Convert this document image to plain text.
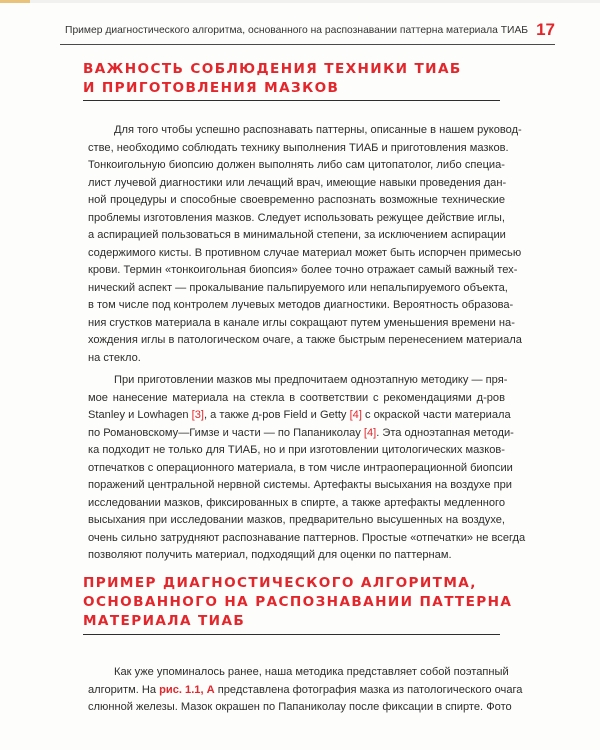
Пример диагностического алгоритма, основанного на распознавании паттерна материала ТИАБ 17
ВАЖНОСТЬ СОБЛЮДЕНИЯ ТЕХНИКИ ТИАБ
И ПРИГОТОВЛЕНИЯ МАЗКОВ
Для того чтобы успешно распознавать паттерны, описанные в нашем руковод-
стве, необходимо соблюдать технику выполнения ТИАБ и приготовления мазков.
Тонкоигольную биопсию должен выполнять либо сам цитопатолог, либо специа-
лист лучевой диагностики или лечащий врач, имеющие навыки проведения дан-
ной процедуры и способные своевременно распознать возможные технические
проблемы изготовления мазков. Следует использовать режущее действие иглы,
а аспирацией пользоваться в минимальной степени, за исключением аспирации
содержимого кисты. В противном случае материал может быть испорчен примесью
крови. Термин «тонкоигольная биопсия» более точно отражает самый важный тех-
нический аспект — прокалывание пальпируемого или непальпируемого объекта,
в том числе под контролем лучевых методов диагностики. Вероятность образова-
ния сгустков материала в канале иглы сокращают путем уменьшения времени на-
хождения иглы в патологическом очаге, а также быстрым перенесением материала
на стекло.
При приготовлении мазков мы предпочитаем одноэтапную методику — пря-
мое нанесение материала на стекла в соответствии с рекомендациями д-ров
Stanley и Lowhagen [3], а также д-ров Field и Getty [4] с окраской части материала
по Романовскому—Гимзе и части — по Папаниколау [4]. Эта одноэтапная методи-
ка подходит не только для ТИАБ, но и при изготовлении цитологических мазков-
отпечатков с операционного материала, в том числе интраоперационной биопсии
поражений центральной нервной системы. Артефакты высыхания на воздухе при
исследовании мазков, фиксированных в спирте, а также артефакты медленного
высыхания при исследовании мазков, предварительно высушенных на воздухе,
очень сильно затрудняют распознавание паттернов. Простые «отпечатки» не всегда
позволяют получить материал, подходящий для оценки по паттернам.
ПРИМЕР ДИАГНОСТИЧЕСКОГО АЛГОРИТМА,
ОСНОВАННОГО НА РАСПОЗНАВАНИИ ПАТТЕРНА
МАТЕРИАЛА ТИАБ
Как уже упоминалось ранее, наша методика представляет собой поэтапный
алгоритм. На рис. 1.1, А представлена фотография мазка из патологического очага
слюнной железы. Мазок окрашен по Папаниколау после фиксации в спирте. Фото
